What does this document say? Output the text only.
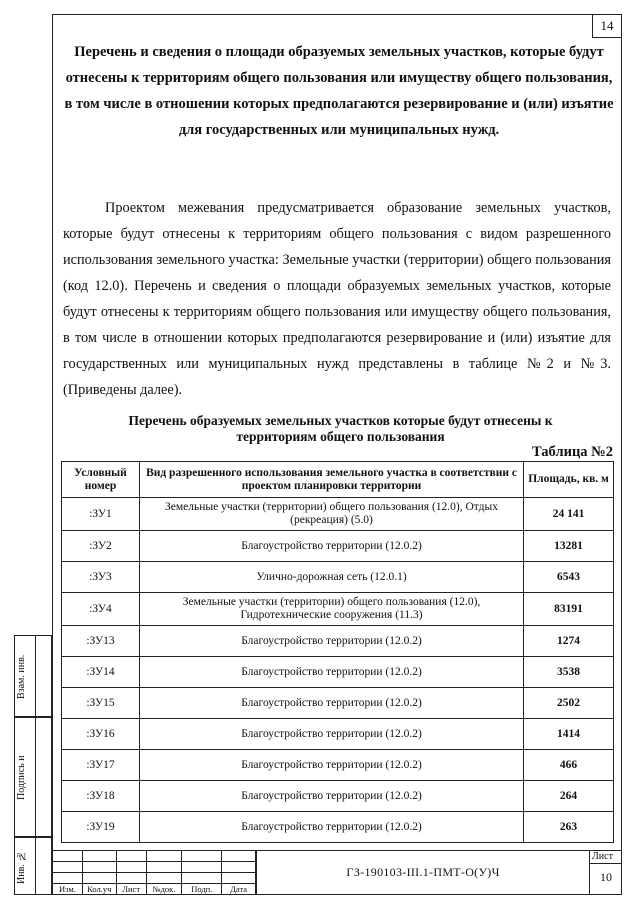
14
Перечень и сведения о площади образуемых земельных участков, которые будут отнесены к территориям общего пользования или имуществу общего пользования, в том числе в отношении которых предполагаются резервирование и (или) изъятие для государственных или муниципальных нужд.
Проектом межевания предусматривается образование земельных участков, которые будут отнесены к территориям общего пользования с видом разрешенного использования земельного участка: Земельные участки (территории) общего пользования (код 12.0). Перечень и сведения о площади образуемых земельных участков, которые будут отнесены к территориям общего пользования или имуществу общего пользования, в том числе в отношении которых предполагаются резервирование и (или) изъятие для государственных или муниципальных нужд представлены в таблице №2 и №3. (Приведены далее).
Перечень образуемых земельных участков которые будут отнесены к территориям общего пользования
Таблица №2
Условный номер	Вид разрешенного использования земельного участка в соответствии с проектом планировки территории	Площадь, кв. м
:ЗУ1	Земельные участки (территории) общего пользования (12.0), Отдых (рекреация) (5.0)	24 141
:ЗУ2	Благоустройство территории (12.0.2)	13281
:ЗУ3	Улично-дорожная сеть (12.0.1)	6543
:ЗУ4	Земельные участки (территории) общего пользования (12.0), Гидротехнические сооружения (11.3)	83191
:ЗУ13	Благоустройство территории (12.0.2)	1274
:ЗУ14	Благоустройство территории (12.0.2)	3538
:ЗУ15	Благоустройство территории (12.0.2)	2502
:ЗУ16	Благоустройство территории (12.0.2)	1414
:ЗУ17	Благоустройство территории (12.0.2)	466
:ЗУ18	Благоустройство территории (12.0.2)	264
:ЗУ19	Благоустройство территории (12.0.2)	263
Взам. инв.
Подпись и
Инв. №

Изм.	Кол.уч	Лист	№док.	Подп.	Дата
ГЗ-190103-ІІІ.1-ПМТ-О(У)Ч
Лист
10
